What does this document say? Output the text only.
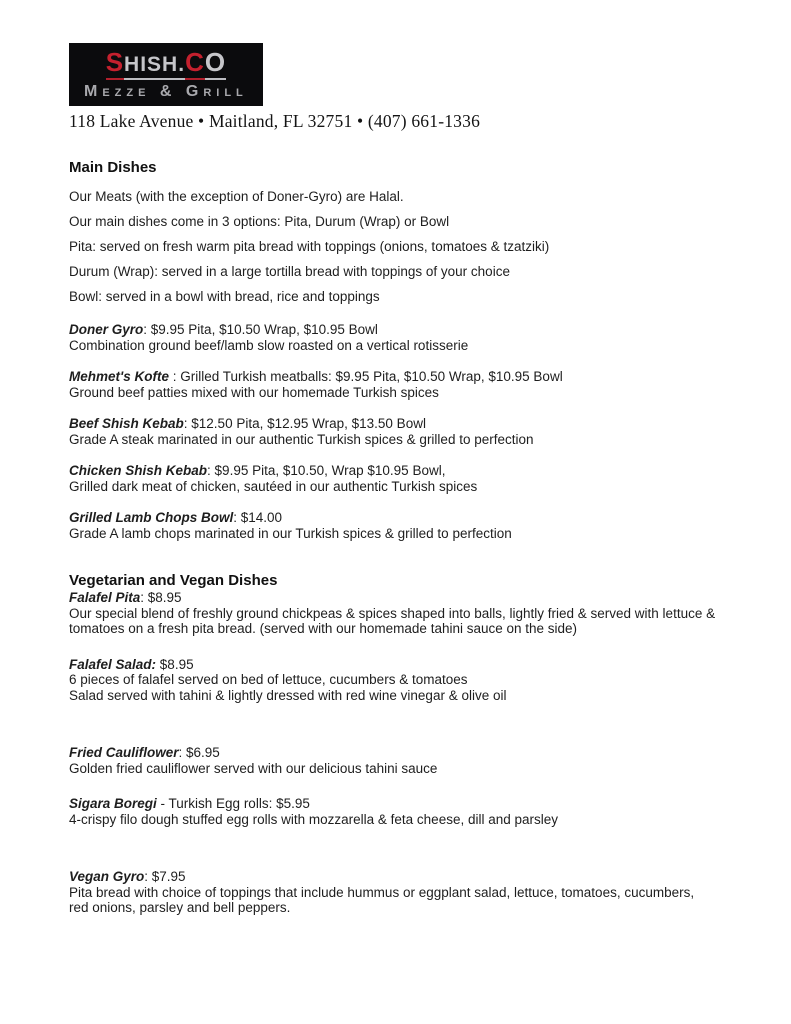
SHISH.CO
Mezze & Grill
118 Lake Avenue • Maitland, FL 32751 • (407) 661-1336
Main Dishes

Our Meats (with the exception of Doner-Gyro) are Halal.

Our main dishes come in 3 options: Pita, Durum (Wrap) or Bowl

Pita: served on fresh warm pita bread with toppings (onions, tomatoes & tzatziki)

Durum (Wrap): served in a large tortilla bread with toppings of your choice

Bowl: served in a bowl with bread, rice and toppings

Doner Gyro: $9.95 Pita, $10.50 Wrap, $10.95 Bowl
Combination ground beef/lamb slow roasted on a vertical rotisserie
Mehmet's Kofte : Grilled Turkish meatballs: $9.95 Pita, $10.50 Wrap, $10.95 Bowl
Ground beef patties mixed with our homemade Turkish spices
Beef Shish Kebab: $12.50 Pita, $12.95 Wrap, $13.50 Bowl
Grade A steak marinated in our authentic Turkish spices & grilled to perfection
Chicken Shish Kebab: $9.95 Pita, $10.50, Wrap $10.95 Bowl,
Grilled dark meat of chicken, sautéed in our authentic Turkish spices
Grilled Lamb Chops Bowl: $14.00
Grade A lamb chops marinated in our Turkish spices & grilled to perfection
Vegetarian and Vegan Dishes
Falafel Pita: $8.95
Our special blend of freshly ground chickpeas & spices shaped into balls, lightly fried & served with lettuce &
tomatoes on a fresh pita bread. (served with our homemade tahini sauce on the side)
Falafel Salad: $8.95
6 pieces of falafel served on bed of lettuce, cucumbers & tomatoes
Salad served with tahini & lightly dressed with red wine vinegar & olive oil
Fried Cauliflower: $6.95
Golden fried cauliflower served with our delicious tahini sauce
Sigara Boregi - Turkish Egg rolls: $5.95
4-crispy filo dough stuffed egg rolls with mozzarella & feta cheese, dill and parsley
Vegan Gyro: $7.95
Pita bread with choice of toppings that include hummus or eggplant salad, lettuce, tomatoes, cucumbers,
red onions, parsley and bell peppers.
